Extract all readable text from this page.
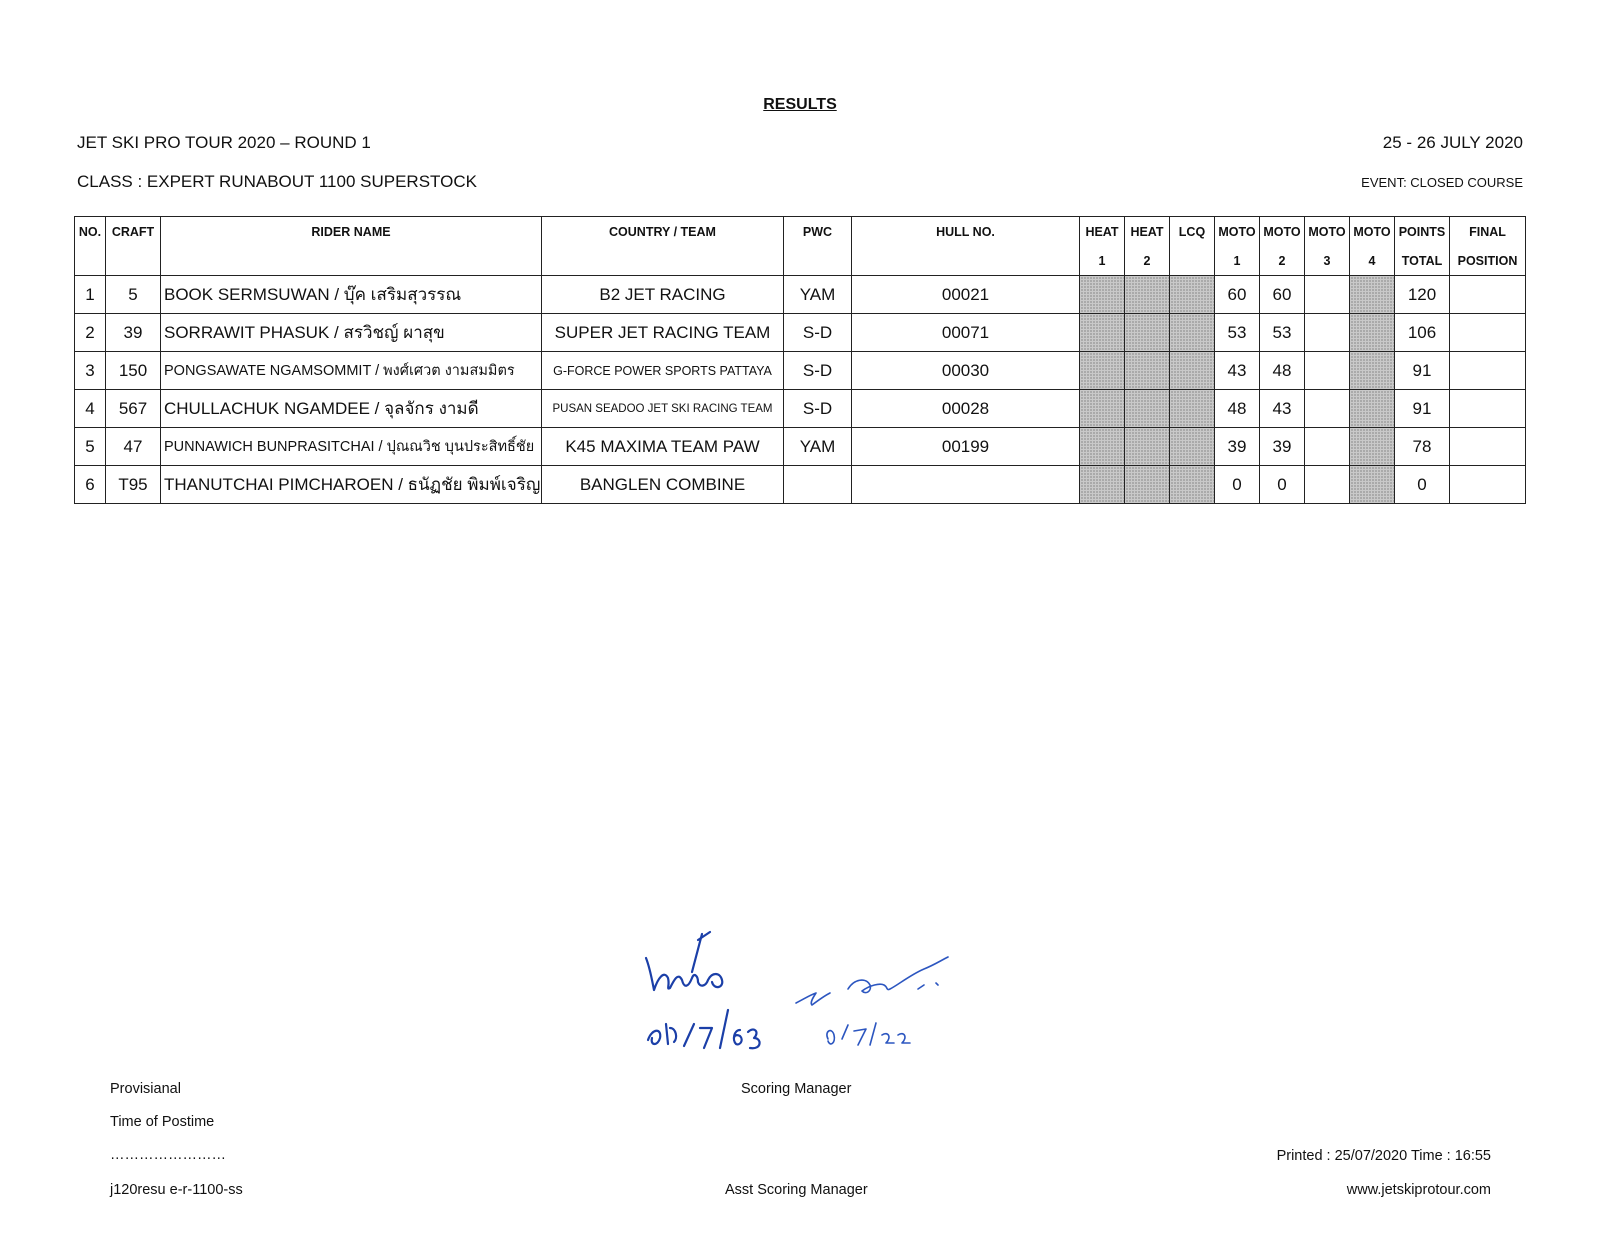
RESULTS
JET SKI PRO TOUR 2020 – ROUND 1	25 - 26 JULY 2020
CLASS : EXPERT RUNABOUT 1100 SUPERSTOCK	EVENT: CLOSED COURSE
NO.	CRAFT	RIDER NAME	COUNTRY / TEAM	PWC	HULL NO.	HEAT	HEAT	LCQ	MOTO	MOTO	MOTO	MOTO	POINTS	FINAL
						1	2		1	2	3	4	TOTAL	POSITION
1	5	BOOK SERMSUWAN / บุ๊ค เสริมสุวรรณ	B2 JET RACING	YAM	00021				60	60			120	
2	39	SORRAWIT PHASUK / สรวิชญ์ ผาสุข	SUPER JET RACING TEAM	S-D	00071				53	53			106	
3	150	PONGSAWATE NGAMSOMMIT / พงศ์เศวต งามสมมิตร	G-FORCE POWER SPORTS PATTAYA	S-D	00030				43	48			91	
4	567	CHULLACHUK NGAMDEE / จุลจักร งามดี	PUSAN SEADOO JET SKI RACING TEAM	S-D	00028				48	43			91	
5	47	PUNNAWICH BUNPRASITCHAI / ปุณณวิช บุนประสิทธิ์ชัย	K45 MAXIMA TEAM PAW	YAM	00199				39	39			78	
6	T95	THANUTCHAI PIMCHAROEN / ธนัฏชัย พิมพ์เจริญ	BANGLEN COMBINE						0	0			0	
Provisianal
Time of Postime
……………………
j120resu e-r-1100-ss
Scoring Manager
Asst Scoring Manager
Printed : 25/07/2020 Time : 16:55
www.jetskiprotour.com
